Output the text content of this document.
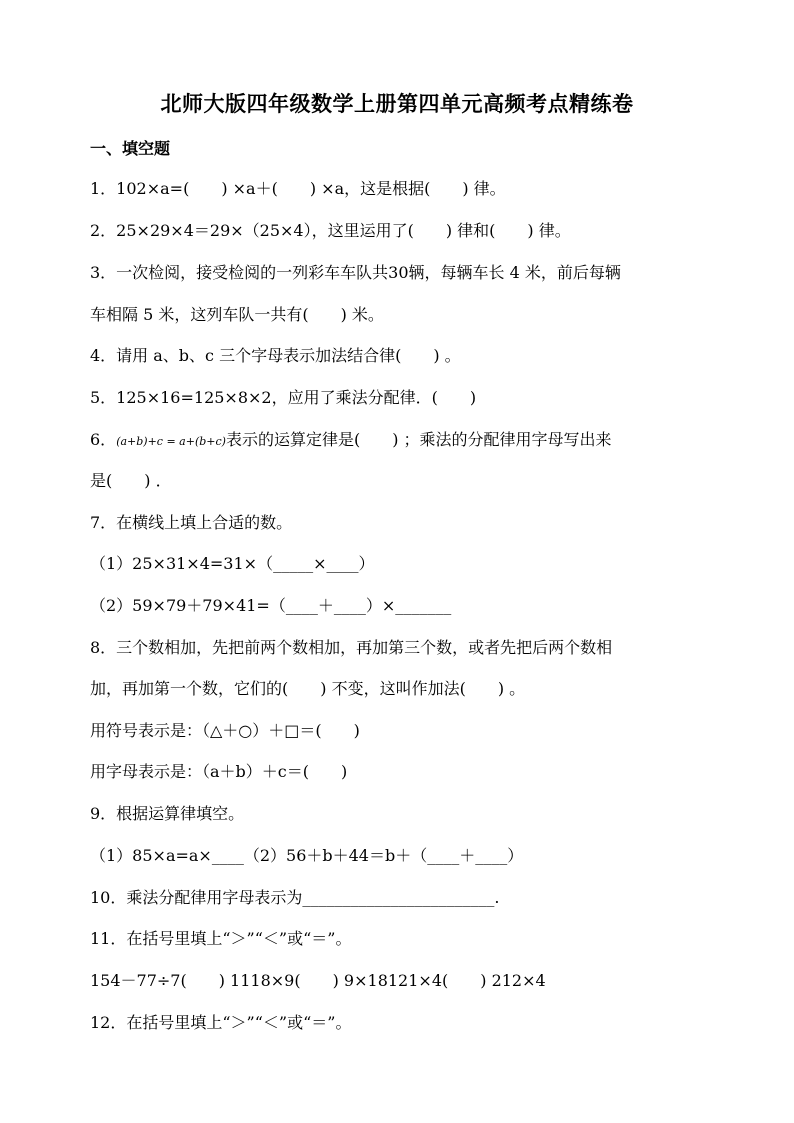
北师大版四年级数学上册第四单元高频考点精练卷
一、填空题
1．102×a=(　　) ×a＋(　　) ×a，这是根据(　　) 律。
2．25×29×4＝29×（25×4），这里运用了(　　) 律和(　　) 律。
3．一次检阅，接受检阅的一列彩车车队共30辆，每辆车长 4 米，前后每辆
车相隔 5 米，这列车队一共有(　　) 米。
4．请用 a、b、c 三个字母表示加法结合律(　　) 。
5．125×16=125×8×2，应用了乘法分配律．(　　)
6．(a+b)+c = a+(b+c)表示的运算定律是(　　) ；乘法的分配律用字母写出来
是(　　) ．
7．在横线上填上合适的数。
（1）25×31×4=31×（_____×____）
（2）59×79＋79×41=（____＋____）×_______
8．三个数相加，先把前两个数相加，再加第三个数，或者先把后两个数相
加，再加第一个数，它们的(　　) 不变，这叫作加法(　　) 。
用符号表示是：（△＋○）＋□＝(　　)
用字母表示是：（a＋b）＋c＝(　　)
9．根据运算律填空。
（1）85×a=a×____（2）56＋b＋44＝b＋（____＋____）
10．乘法分配律用字母表示为________________________.
11．在括号里填上“＞”“＜”或“＝”。
154－77÷7(　　) 1118×9(　　) 9×18121×4(　　) 212×4
12．在括号里填上“＞”“＜”或“＝”。
